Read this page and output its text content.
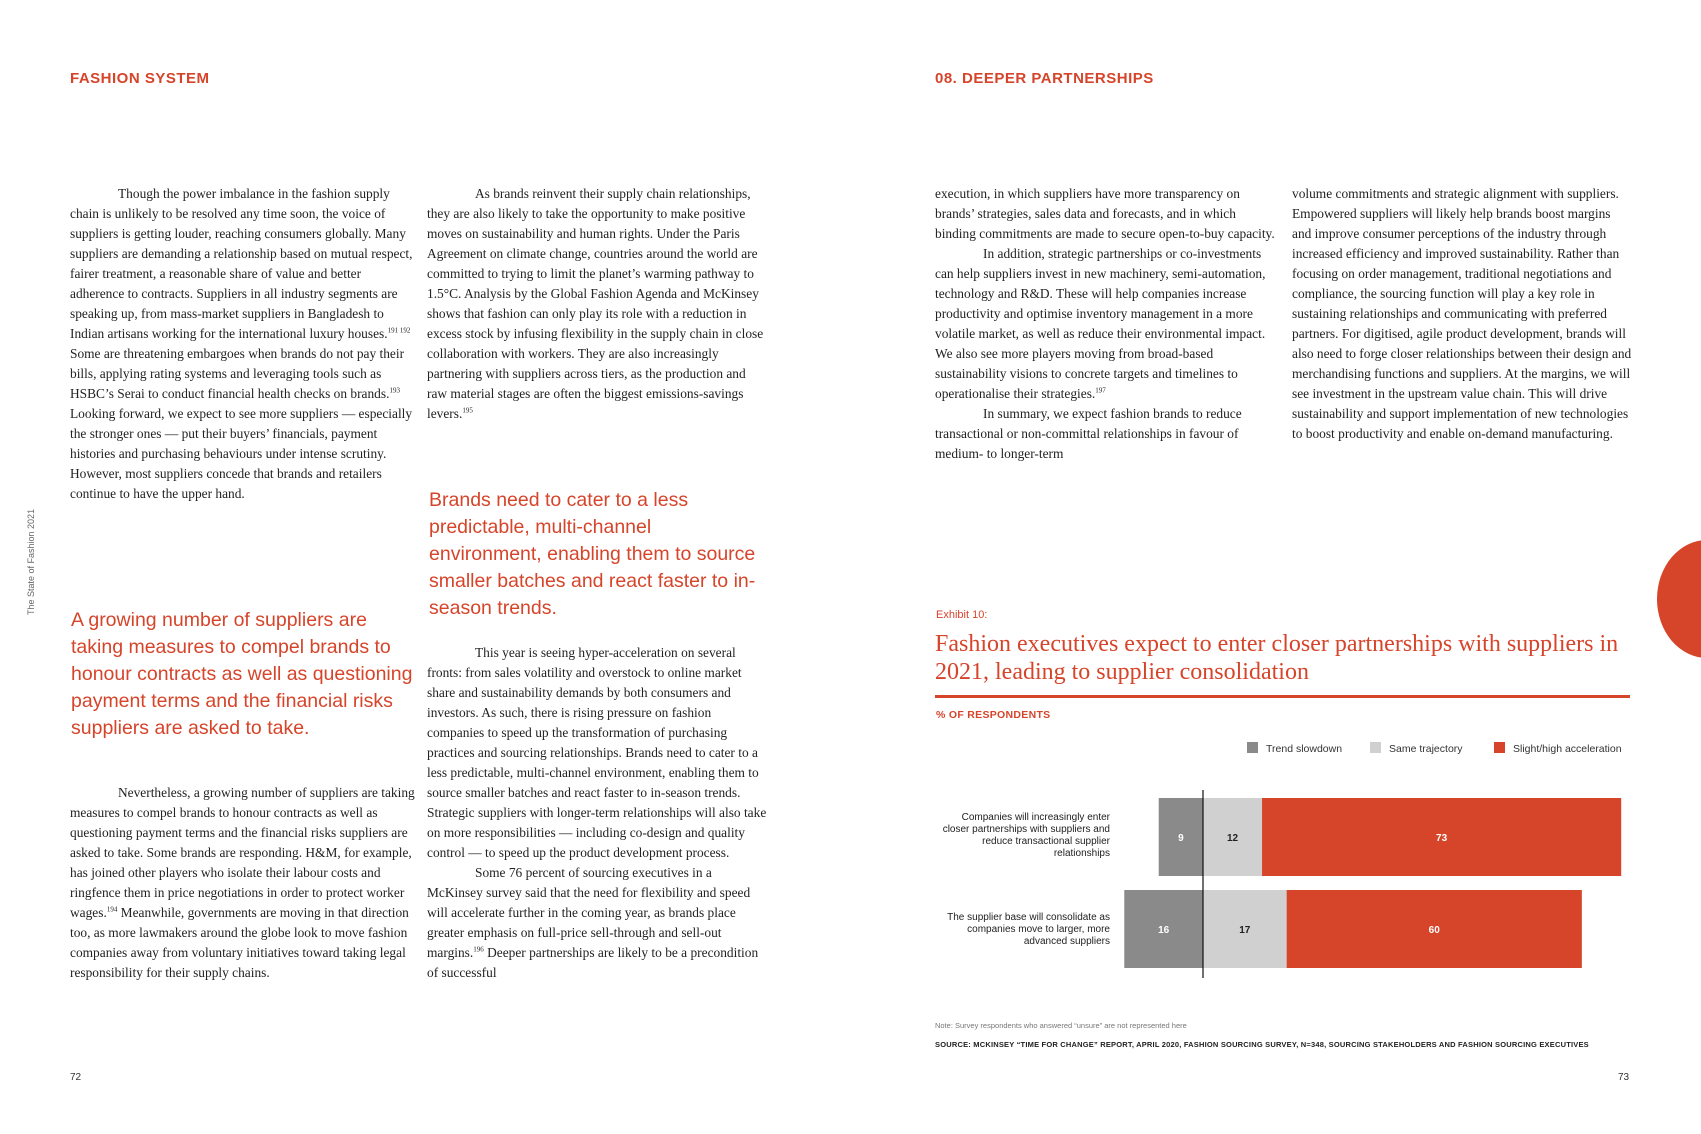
FASHION SYSTEM	08. DEEPER PARTNERSHIPS
The State of Fashion 2021

Though the power imbalance in the fashion supply chain is unlikely to be resolved any time soon, the voice of suppliers is getting louder, reaching consumers globally. Many suppliers are demanding a relationship based on mutual respect, fairer treatment, a reasonable share of value and better adherence to contracts. Suppliers in all industry segments are speaking up, from mass-market suppliers in Bangladesh to Indian artisans working for the international luxury houses.$^{191 192}$ Some are threatening embargoes when brands do not pay their bills, applying rating systems and leveraging tools such as HSBC’s Serai to conduct financial health checks on brands.$^{193}$ Looking forward, we expect to see more suppliers — especially the stronger ones — put their buyers’ financials, payment histories and purchasing behaviours under intense scrutiny. However, most suppliers concede that brands and retailers continue to have the upper hand.

A growing number of suppliers are taking measures to compel brands to honour contracts as well as questioning payment terms and the financial risks suppliers are asked to take.

Nevertheless, a growing number of suppliers are taking measures to compel brands to honour contracts as well as questioning payment terms and the financial risks suppliers are asked to take. Some brands are responding. H&M, for example, has joined other players who isolate their labour costs and ringfence them in price negotiations in order to protect worker wages.$^{194}$ Meanwhile, governments are moving in that direction too, as more lawmakers around the globe look to move fashion companies away from voluntary initiatives toward taking legal responsibility for their supply chains.

As brands reinvent their supply chain relationships, they are also likely to take the opportunity to make positive moves on sustainability and human rights. Under the Paris Agreement on climate change, countries around the world are committed to trying to limit the planet’s warming pathway to 1.5°C. Analysis by the Global Fashion Agenda and McKinsey shows that fashion can only play its role with a reduction in excess stock by infusing flexibility in the supply chain in close collaboration with workers. They are also increasingly partnering with suppliers across tiers, as the production and raw material stages are often the biggest emissions-savings levers.$^{195}$

Brands need to cater to a less predictable, multi-channel environment, enabling them to source smaller batches and react faster to in-season trends.

This year is seeing hyper-acceleration on several fronts: from sales volatility and overstock to online market share and sustainability demands by both consumers and investors. As such, there is rising pressure on fashion companies to speed up the transformation of purchasing practices and sourcing relationships. Brands need to cater to a less predictable, multi-channel environment, enabling them to source smaller batches and react faster to in-season trends. Strategic suppliers with longer-term relationships will also take on more responsibilities — including co-design and quality control — to speed up the product development process.

Some 76 percent of sourcing executives in a McKinsey survey said that the need for flexibility and speed will accelerate further in the coming year, as brands place greater emphasis on full-price sell-through and sell-out margins.$^{196}$ Deeper partnerships are likely to be a precondition of successful

execution, in which suppliers have more transparency on brands’ strategies, sales data and forecasts, and in which binding commitments are made to secure open-to-buy capacity.

In addition, strategic partnerships or co-investments can help suppliers invest in new machinery, semi-automation, technology and R&D. These will help companies increase productivity and optimise inventory management in a more volatile market, as well as reduce their environmental impact. We also see more players moving from broad-based sustainability visions to concrete targets and timelines to operationalise their strategies.$^{197}$

In summary, we expect fashion brands to reduce transactional or non-committal relationships in favour of medium- to longer-term

volume commitments and strategic alignment with suppliers. Empowered suppliers will likely help brands boost margins and improve consumer perceptions of the industry through increased efficiency and improved sustainability. Rather than focusing on order management, traditional negotiations and compliance, the sourcing function will play a key role in sustaining relationships and communicating with preferred partners. For digitised, agile product development, brands will also need to forge closer relationships between their design and merchandising functions and suppliers. At the margins, we will see investment in the upstream value chain. This will drive sustainability and support implementation of new technologies to boost productivity and enable on-demand manufacturing.

Exhibit 10:
Fashion executives expect to enter closer partnerships with suppliers in 2021, leading to supplier consolidation
% OF RESPONDENTS
Trend slowdown	Same trajectory	Slight/high acceleration
Companies will increasingly enter closer partnerships with suppliers and reduce transactional supplier relationships
The supplier base will consolidate as companies move to larger, more advanced suppliers
9	12	73
16	17	60
Note: Survey respondents who answered “unsure” are not represented here
SOURCE: MCKINSEY “TIME FOR CHANGE” REPORT, APRIL 2020, FASHION SOURCING SURVEY, N=348, SOURCING STAKEHOLDERS AND FASHION SOURCING EXECUTIVES
72	73
